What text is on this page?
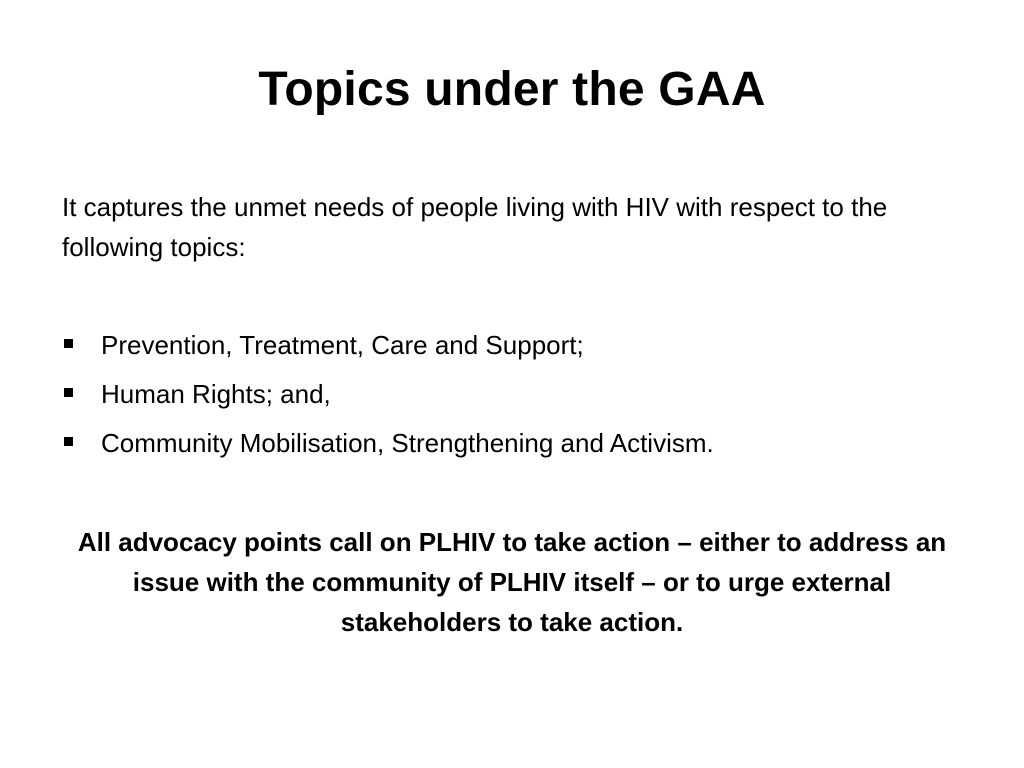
Topics under the GAA

It captures the unmet needs of people living with HIV with respect to the following topics:

Prevention, Treatment, Care and Support;
Human Rights; and,
Community Mobilisation, Strengthening and Activism.

All advocacy points call on PLHIV to take action – either to address an issue with the community of PLHIV itself – or to urge external stakeholders to take action.
